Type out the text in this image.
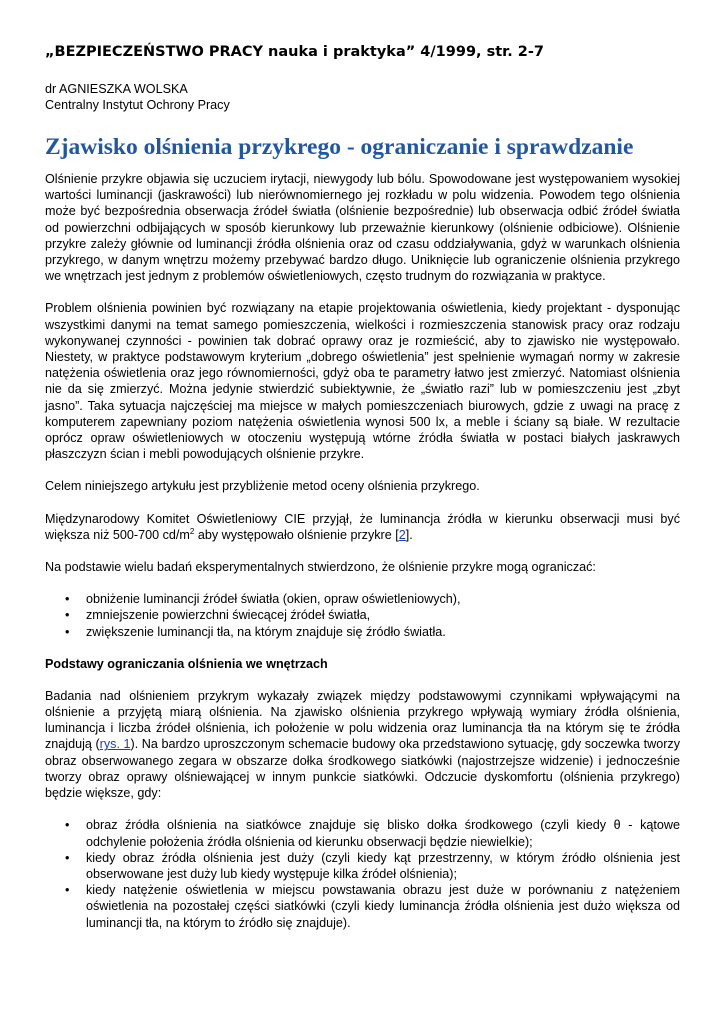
„BEZPIECZEŃSTWO PRACY nauka i praktyka” 4/1999, str. 2-7

dr AGNIESZKA WOLSKA

Centralny Instytut Ochrony Pracy

Zjawisko olśnienia przykrego - ograniczanie i sprawdzanie

Olśnienie przykre objawia się uczuciem irytacji, niewygody lub bólu. Spowodowane jest występowaniem wysokiej wartości luminancji (jaskrawości) lub nierównomiernego jej rozkładu w polu widzenia. Powodem tego olśnienia może być bezpośrednia obserwacja źródeł światła (olśnienie bezpośrednie) lub obserwacja odbić źródeł światła od powierzchni odbijających w sposób kierunkowy lub przeważnie kierunkowy (olśnienie odbiciowe). Olśnienie przykre zależy głównie od luminancji źródła olśnienia oraz od czasu oddziaływania, gdyż w warunkach olśnienia przykrego, w danym wnętrzu możemy przebywać bardzo długo. Uniknięcie lub ograniczenie olśnienia przykrego we wnętrzach jest jednym z problemów oświetleniowych, często trudnym do rozwiązania w praktyce.

Problem olśnienia powinien być rozwiązany na etapie projektowania oświetlenia, kiedy projektant - dysponując wszystkimi danymi na temat samego pomieszczenia, wielkości i rozmieszczenia stanowisk pracy oraz rodzaju wykonywanej czynności - powinien tak dobrać oprawy oraz je rozmieścić, aby to zjawisko nie występowało. Niestety, w praktyce podstawowym kryterium „dobrego oświetlenia” jest spełnienie wymagań normy w zakresie natężenia oświetlenia oraz jego równomierności, gdyż oba te parametry łatwo jest zmierzyć. Natomiast olśnienia nie da się zmierzyć. Można jedynie stwierdzić subiektywnie, że „światło razi” lub w pomieszczeniu jest „zbyt jasno”. Taka sytuacja najczęściej ma miejsce w małych pomieszczeniach biurowych, gdzie z uwagi na pracę z komputerem zapewniany poziom natężenia oświetlenia wynosi 500 lx, a meble i ściany są białe. W rezultacie oprócz opraw oświetleniowych w otoczeniu występują wtórne źródła światła w postaci białych jaskrawych płaszczyzn ścian i mebli powodujących olśnienie przykre.

Celem niniejszego artykułu jest przybliżenie metod oceny olśnienia przykrego.

Międzynarodowy Komitet Oświetleniowy CIE przyjął, że luminancja źródła w kierunku obserwacji musi być większa niż 500-700 $cd/m^2$ aby występowało olśnienie przykre [2].

Na podstawie wielu badań eksperymentalnych stwierdzono, że olśnienie przykre mogą ograniczać:

• obniżenie luminancji źródeł światła (okien, opraw oświetleniowych),
• zmniejszenie powierzchni świecącej źródeł światła,
• zwiększenie luminancji tła, na którym znajduje się źródło światła.
Podstawy ograniczania olśnienia we wnętrzach

Badania nad olśnieniem przykrym wykazały związek między podstawowymi czynnikami wpływającymi na olśnienie a przyjętą miarą olśnienia. Na zjawisko olśnienia przykrego wpływają wymiary źródła olśnienia, luminancja i liczba źródeł olśnienia, ich położenie w polu widzenia oraz luminancja tła na którym się te źródła znajdują (rys. 1). Na bardzo uproszczonym schemacie budowy oka przedstawiono sytuację, gdy soczewka tworzy obraz obserwowanego zegara w obszarze dołka środkowego siatkówki (najostrzejsze widzenie) i jednocześnie tworzy obraz oprawy olśniewającej w innym punkcie siatkówki. Odczucie dyskomfortu (olśnienia przykrego) będzie większe, gdy:

• obraz źródła olśnienia na siatkówce znajduje się blisko dołka środkowego (czyli kiedy θ - kątowe odchylenie położenia źródła olśnienia od kierunku obserwacji będzie niewielkie);
• kiedy obraz źródła olśnienia jest duży (czyli kiedy kąt przestrzenny, w którym źródło olśnienia jest obserwowane jest duży lub kiedy występuje kilka źródeł olśnienia);
• kiedy natężenie oświetlenia w miejscu powstawania obrazu jest duże w porównaniu z natężeniem oświetlenia na pozostałej części siatkówki (czyli kiedy luminancja źródła olśnienia jest dużo większa od luminancji tła, na którym to źródło się znajduje).
